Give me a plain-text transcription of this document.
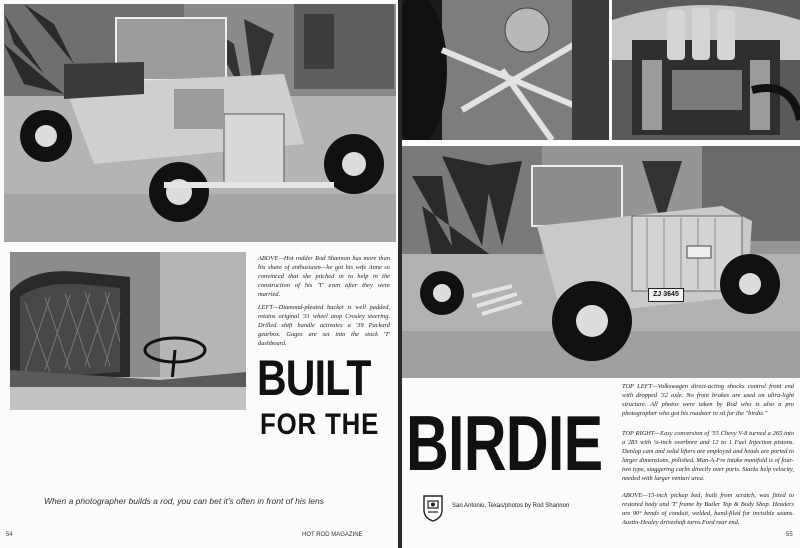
ABOVE—Hot rodder Rod Shannon has more than his share of enthusiasm—he got his wife Anne so convinced that she pitched in to help in the construction of his 'T' even after they were married.

LEFT—Diamond-pleated bucket is well padded, retains original '31 wheel atop Crosley steering. Drilled shift handle activates a '39 Packard gearbox. Gages are set into the stock 'T' dashboard.

BUILT
FOR THE
When a photographer builds a rod, you can bet it's often in front of his lens
54	HOT ROD MAGAZINE
ZJ 3645
BIRDIE
San Antonio, Texas/photos by Rod Shannon

TOP LEFT—Volkswagen direct-acting shocks control front end with dropped '32 axle. No front brakes are used on ultra-light structure. All photos were taken by Rod who is also a pro photographer who got his roadster to sit for the "birdie."

TOP RIGHT—Easy conversion of '55 Chevy V-8 turned a 265 into a 283 with ⅛-inch overbore and 12 to 1 Fuel Injection pistons. Dunlap cam and solid lifters are employed and heads are ported to larger dimensions, polished. Man-A-Fre intake manifold is of four-two type, staggering carbs directly over ports. Stacks help velocity, needed with larger venturi area.

ABOVE—15-inch pickup bed, built from scratch, was fitted to restored body and 'T' frame by Butler Top & Body Shop. Headers are 90° bends of conduit, welded, hand-filed for invisible seams. Austin-Healey driveshaft turns Ford rear end.

55
